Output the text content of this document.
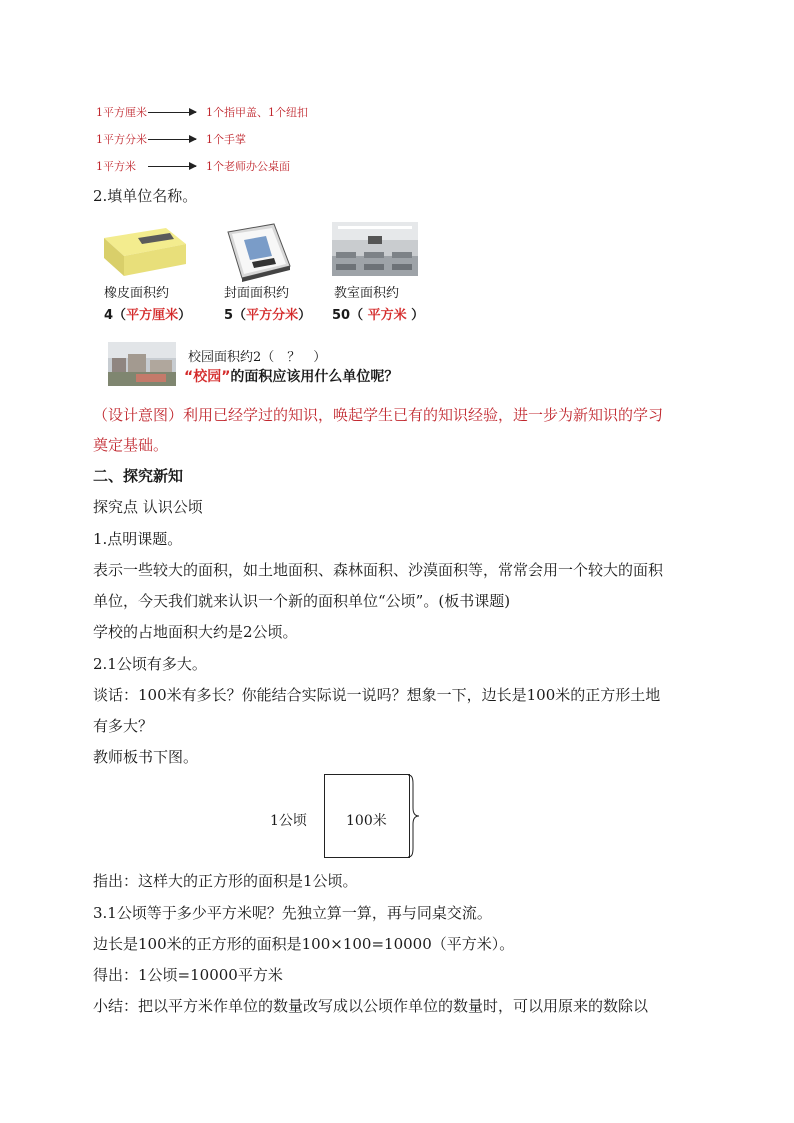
1平方厘米	1个指甲盖、1个纽扣
1平方分米	1个手掌
1平方米	1个老师办公桌面
2.填单位名称。
橡皮面积约	封面面积约	教室面积约
4（平方厘米）	5（平方分米） 50（ 平方米 ）
校园面积约2（　？　）
“校园”的面积应该用什么单位呢？
（设计意图）利用已经学过的知识，唤起学生已有的知识经验，进一步为新知识的学习
奠定基础。
二、探究新知
探究点 认识公顷
1.点明课题。
表示一些较大的面积，如土地面积、森林面积、沙漠面积等，常常会用一个较大的面积
单位，今天我们就来认识一个新的面积单位“公顷”。(板书课题)
学校的占地面积大约是2公顷。
2.1公顷有多大。
谈话：100米有多长？你能结合实际说一说吗？想象一下，边长是100米的正方形土地
有多大？
教师板书下图。
1公顷	100米
指出：这样大的正方形的面积是1公顷。
3.1公顷等于多少平方米呢？先独立算一算，再与同桌交流。
边长是100米的正方形的面积是100×100=10000（平方米）。
得出：1公顷=10000平方米
小结：把以平方米作单位的数量改写成以公顷作单位的数量时，可以用原来的数除以
